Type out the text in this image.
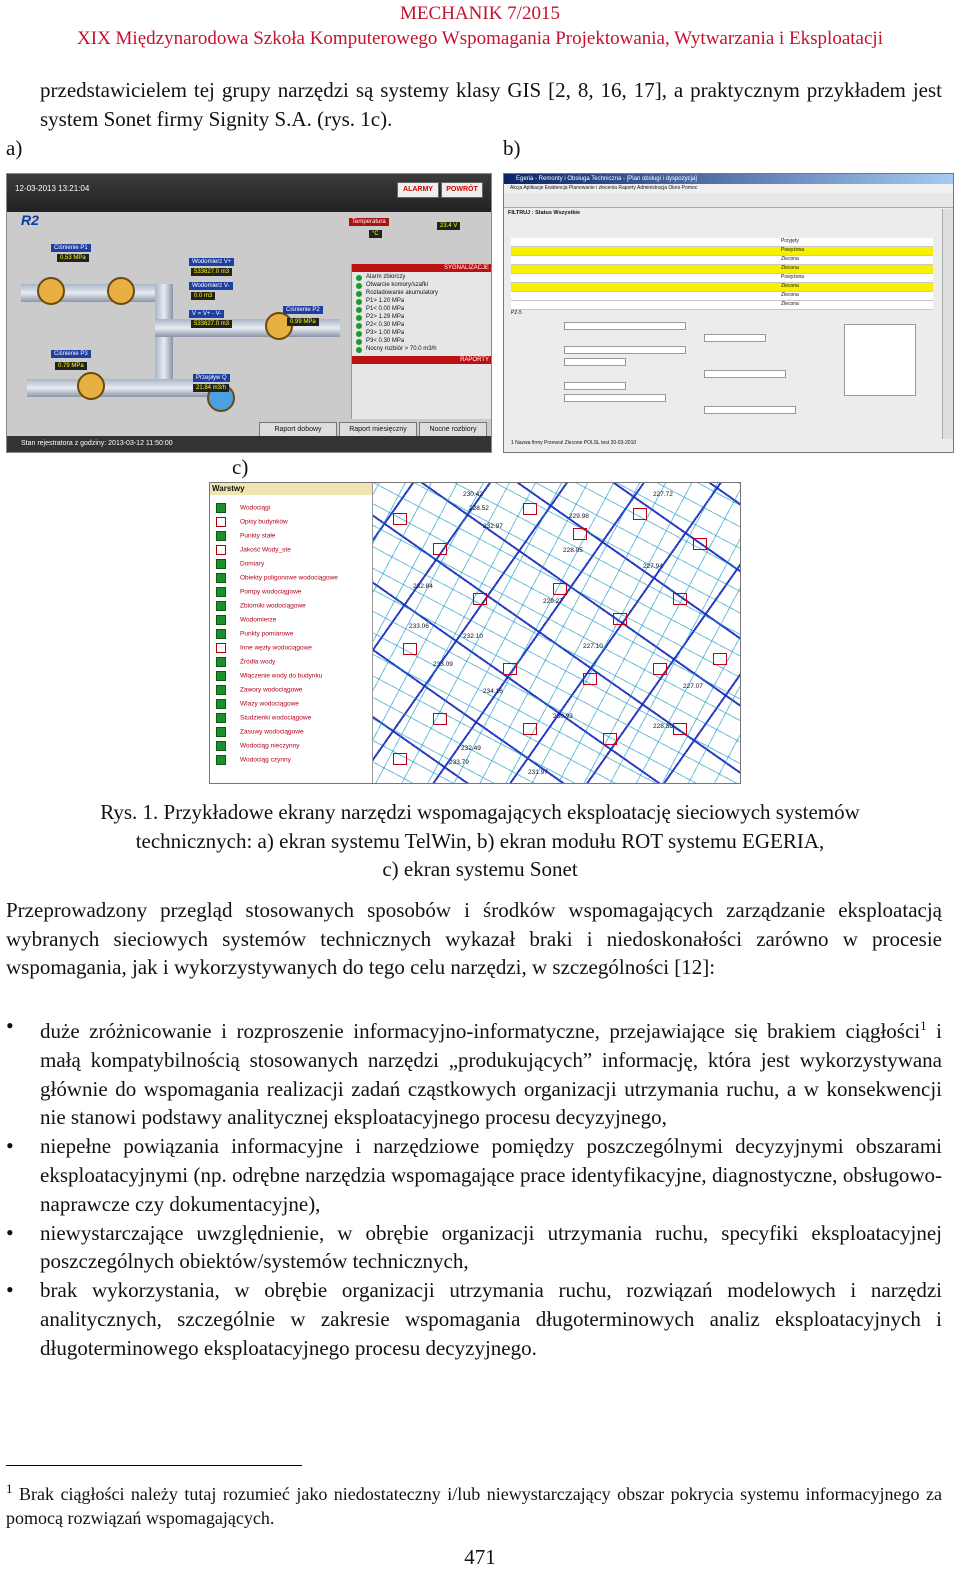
MECHANIK 7/2015
XIX Międzynarodowa Szkoła Komputerowego Wspomagania Projektowania, Wytwarzania i Eksploatacji
przedstawicielem tej grupy narzędzi są systemy klasy GIS [2, 8, 16, 17], a praktycznym przykładem jest system Sonet firmy Signity S.A. (rys. 1c).
a)	b)
12-03-2013 13:21:04	ALARMY	POWRÓT
R2
Ciśnienie P1
0.53 MPa
Wodomierz V+
533627.0 m3
Wodomierz V-
0.0 m3
V = V+ - V-
533627.0 m3
Ciśnienie P2
0.99 MPa
Ciśnienie P3
0.79 MPa
Przepływ Q
21.84 m3/h
Temperatura
°C
23.4 V
SYGNALIZACJE
Alarm zbiorczy
Otwarcie komory/szafki
Rozładowanie akumulatory
P1> 1.20 MPa
P1< 0.00 MPa
P2> 1.29 MPa
P2< 0.30 MPa
P3> 1.00 MPa
P3< 0.30 MPa
Nocny rozbiór > 70.0 m3/h
RAPORTY
Raport dobowy	Raport miesięczny	Nocne rozbiory
Stan rejestratora z godziny: 2013-03-12 11:50:00
Egeria - Remonty i Obsługa Techniczna - [Plan obsługi i dyspozycja]
Akcja Aplikacje Ewidencja Planowanie i zlecenia Raporty Administracja Okno Pomoc
FILTRUJ : Status Wszystkie
Przyjęty
Powyżona
Zlecona
Zlecona
Powyżona
Zlecona
Zlecona
PZ-5
Zlecona
1 Nazwa firmy Przewoź Zlecone POLSL test 20-03-2010
c)
Warstwy
Wodociągi
Opisy budynków
Punkty stałe
Jakość Wody_ste
Domiary
Obiekty poligonowe wodociągowe
Pompy wodociągowe
Zbiorniki wodociągowe
Wodomierze
Punkty pomiarowe
Inne węzły wodociągowe
Źródła wody
Włączenie wody do budynku
Zawory wodociągowe
Wlazy wodociągowe
Studzienki wodociągowe
Zasuwy wodociągowe
Wodociąg nieczynny
Wodociąg czynny
230.42
232.97
228.52
229.98
228.05
232.84
233.06
232.10
233.09
234.16
230.93
232.49
233.79
231.97
227.72
229.27
227.10
227.94
228.35
227.07
Rys. 1. Przykładowe ekrany narzędzi wspomagających eksploatację sieciowych systemów
technicznych: a) ekran systemu TelWin, b) ekran modułu ROT systemu EGERIA,
c) ekran systemu Sonet
Przeprowadzony przegląd stosowanych sposobów i środków wspomagających zarządzanie eksploatacją wybranych sieciowych systemów technicznych wykazał braki i niedoskonałości zarówno w procesie wspomagania, jak i wykorzystywanych do tego celu narzędzi, w szczególności [12]:
• duże zróżnicowanie i rozproszenie informacyjno-informatyczne, przejawiające się brakiem ciągłości$^1$ i małą kompatybilnością stosowanych narzędzi „produkujących” informację, która jest wykorzystywana głównie do wspomagania realizacji zadań cząstkowych organizacji utrzymania ruchu, a w konsekwencji nie stanowi podstawy analitycznej eksploatacyjnego procesu decyzyjnego,
• niepełne powiązania informacyjne i narzędziowe pomiędzy poszczególnymi decyzyjnymi obszarami eksploatacyjnymi (np. odrębne narzędzia wspomagające prace identyfikacyjne, diagnostyczne, obsługowo-naprawcze czy dokumentacyjne),
• niewystarczające uwzględnienie, w obrębie organizacji utrzymania ruchu, specyfiki eksploatacyjnej poszczególnych obiektów/systemów technicznych,
• brak wykorzystania, w obrębie organizacji utrzymania ruchu, rozwiązań modelowych i narzędzi analitycznych, szczególnie w zakresie wspomagania długoterminowych analiz eksploatacyjnych i długoterminowego eksploatacyjnego procesu decyzyjnego.
$^1$ Brak ciągłości należy tutaj rozumieć jako niedostateczny i/lub niewystarczający obszar pokrycia systemu informacyjnego za pomocą rozwiązań wspomagających.
471
